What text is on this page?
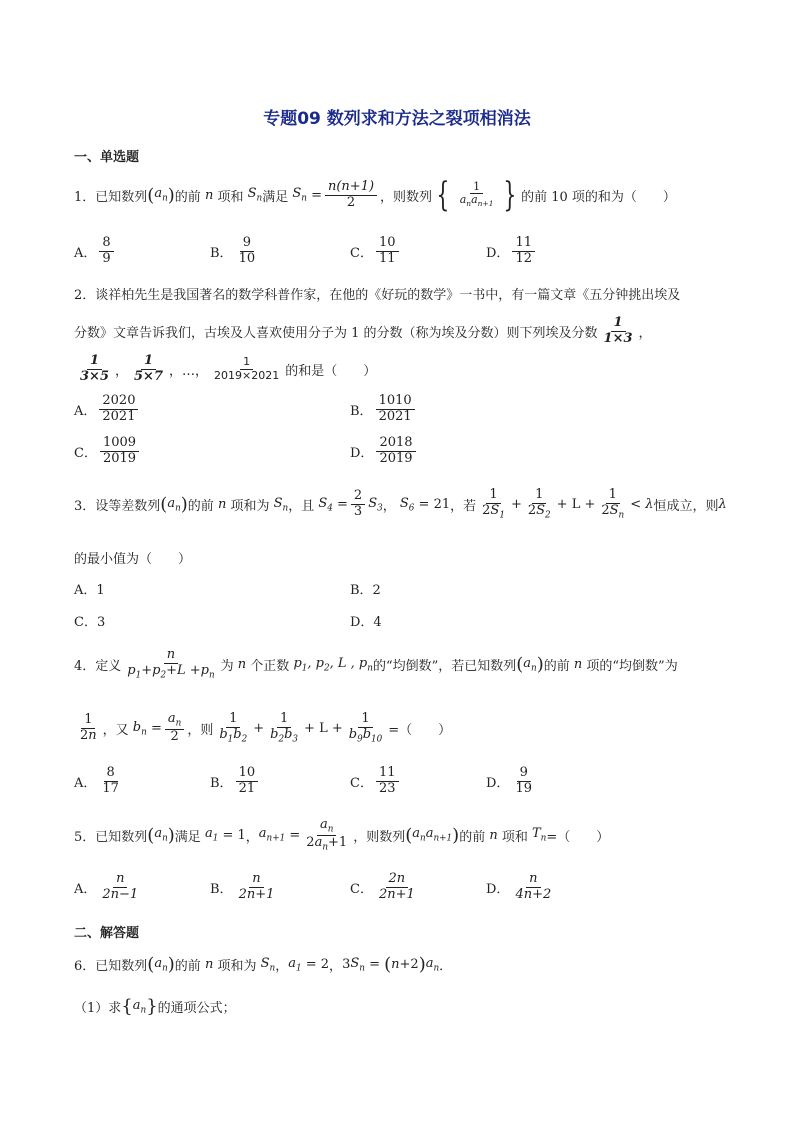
专题09 数列求和方法之裂项相消法
一、单选题
1．已知数列 ( $a_n$ ) 的前 n 项和 $S_n$ 满足 $S_n = \frac{n(n+1)}{2}$ ，则数列 { $\frac{1}{a_na_{n+1}}$ } 的前 10 项的和为（　　）
A． $\frac{8}{9}$	B． $\frac{9}{10}$	C． $\frac{10}{11}$	D． $\frac{11}{12}$
2．谈祥柏先生是我国著名的数学科普作家，在他的《好玩的数学》一书中，有一篇文章《五分钟挑出埃及
分数》文章告诉我们，古埃及人喜欢使用分子为 1 的分数（称为埃及分数）则下列埃及分数 $\frac{1}{1\times 3}$ ，
$\frac{1}{3\times 5}$ ， $\frac{1}{5\times 7}$ ，…， $\frac{1}{2019\times 2021}$ 的和是（　　）
A． $\frac{2020}{2021}$	B． $\frac{1010}{2021}$
C． $\frac{1009}{2019}$	D． $\frac{2018}{2019}$
3．设等差数列 ( $a_n$ ) 的前 n 项和为 $S_n$ ，且 $S_4 = \frac{2}{3} S_3$ ， $S_6 = 21$ ，若 $\frac{1}{2S_1} + \frac{1}{2S_2} + L + \frac{1}{2S_n} < \lambda$ 恒成立，则 λ
的最小值为（　　）
A．1	B．2
C．3	D．4
4．定义 $\frac{n}{p_1+p_2+L +p_n}$ 为 n 个正数 $p_1$, $p_2$, L , $p_n$ 的“均倒数”，若已知数列 ( $a_n$ ) 的前 n 项的“均倒数”为
$\frac{1}{2n}$ ，又 $b_n = \frac{a_n}{2}$ ，则 $\frac{1}{b_1b_2} + \frac{1}{b_2b_3} + L + \frac{1}{b_9b_{10}}$ =（　　）
A． $\frac{8}{17}$	B． $\frac{10}{21}$	C． $\frac{11}{23}$	D． $\frac{9}{19}$
5．已知数列 ( $a_n$ ) 满足 $a_1 = 1$ ， $a_{n+1} = \frac{a_n}{2a_n+1}$ ，则数列 ( $a_na_{n+1}$ ) 的前 n 项和 $T_n$ =（　　）
A． $\frac{n}{2n-1}$	B． $\frac{n}{2n+1}$	C． $\frac{2n}{2n+1}$	D． $\frac{n}{4n+2}$
二、解答题
6．已知数列 ( $a_n$ ) 的前 n 项和为 $S_n$ ， $a_1 = 2$ ， 3 $S_n$ = ( n +2 ) $a_n$ ．
（1）求 { $a_n$ } 的通项公式；
